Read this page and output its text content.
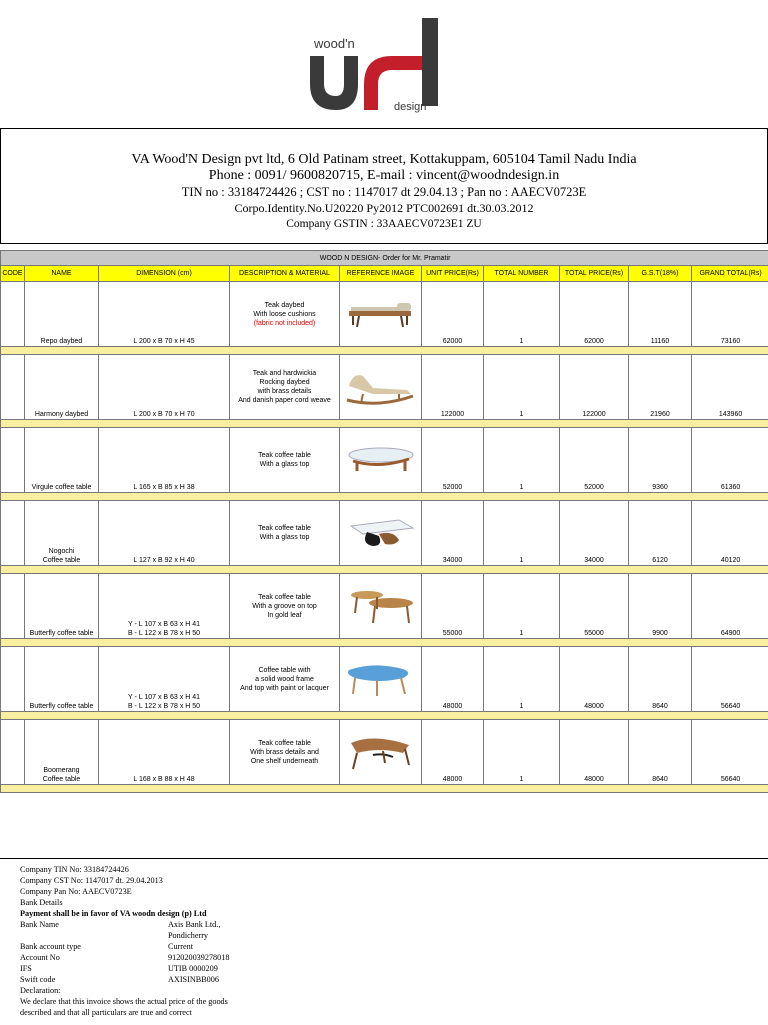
wood'n
design
VA Wood'N Design pvt ltd, 6 Old Patinam street, Kottakuppam, 605104 Tamil Nadu India
Phone : 0091/ 9600820715, E-mail : vincent@woodndesign.in
TIN no : 33184724426 ; CST no : 1147017 dt 29.04.13 ; Pan no : AAECV0723E
Corpo.Identity.No.U20220 Py2012 PTC002691 dt.30.03.2012
Company GSTIN : 33AAECV0723E1 ZU
WOOD N DESIGN- Order for Mr. Pramatir									
CODE	NAME	DIMENSION (cm)	DESCRIPTION & MATERIAL	REFERENCE IMAGE	UNIT PRICE(Rs)	TOTAL NUMBER	TOTAL PRICE(Rs)	G.S.T(18%)	GRAND TOTAL(Rs)
	Repo daybed	L 200 x B 70 x H 45	Teak daybed
With loose cushions
(fabric not included)		62000	1	62000	11160	73160

	Harmony daybed	L 200 x B 70 x H 70	Teak and hardwickia
Rocking daybed
with brass details
And danish paper cord weave		122000	1	122000	21960	143960

	Virgule coffee table	L 165 x B 85 x H 38	Teak coffee table
With a glass top		52000	1	52000	9360	61360

	Nogochi
Coffee table	L 127 x B 92 x H 40	Teak coffee table
With a glass top		34000	1	34000	6120	40120

	Butterfly coffee table	Y - L 107 x B 63 x H 41
B - L 122 x B 78 x H 50	Teak coffee table
With a groove on top
In gold leaf		55000	1	55000	9900	64900

	Butterfly coffee table	Y - L 107 x B 63 x H 41
B - L 122 x B 78 x H 50	Coffee table with
a solid wood frame
And top with paint or lacquer		48000	1	48000	8640	56640

	Boomerang
Coffee table	L 168 x B 88 x H 48	Teak coffee table
With brass details and
One shelf underneath		48000	1	48000	8640	56640

Company TIN No: 33184724426
Company CST No: 1147017 dt. 29.04.2013
Company Pan No: AAECV0723E
Bank Details
Payment shall be in favor of VA woodn design (p) Ltd
Bank Name	Axis Bank Ltd.,
Pondicherry
Bank account type	Current
Account No	912020039278018
IFS	UTIB 0000209
Swift code	AXISINBB006
Declaration:
We declare that this invoice shows the actual price of the goods
described and that all particulars are true and correct
